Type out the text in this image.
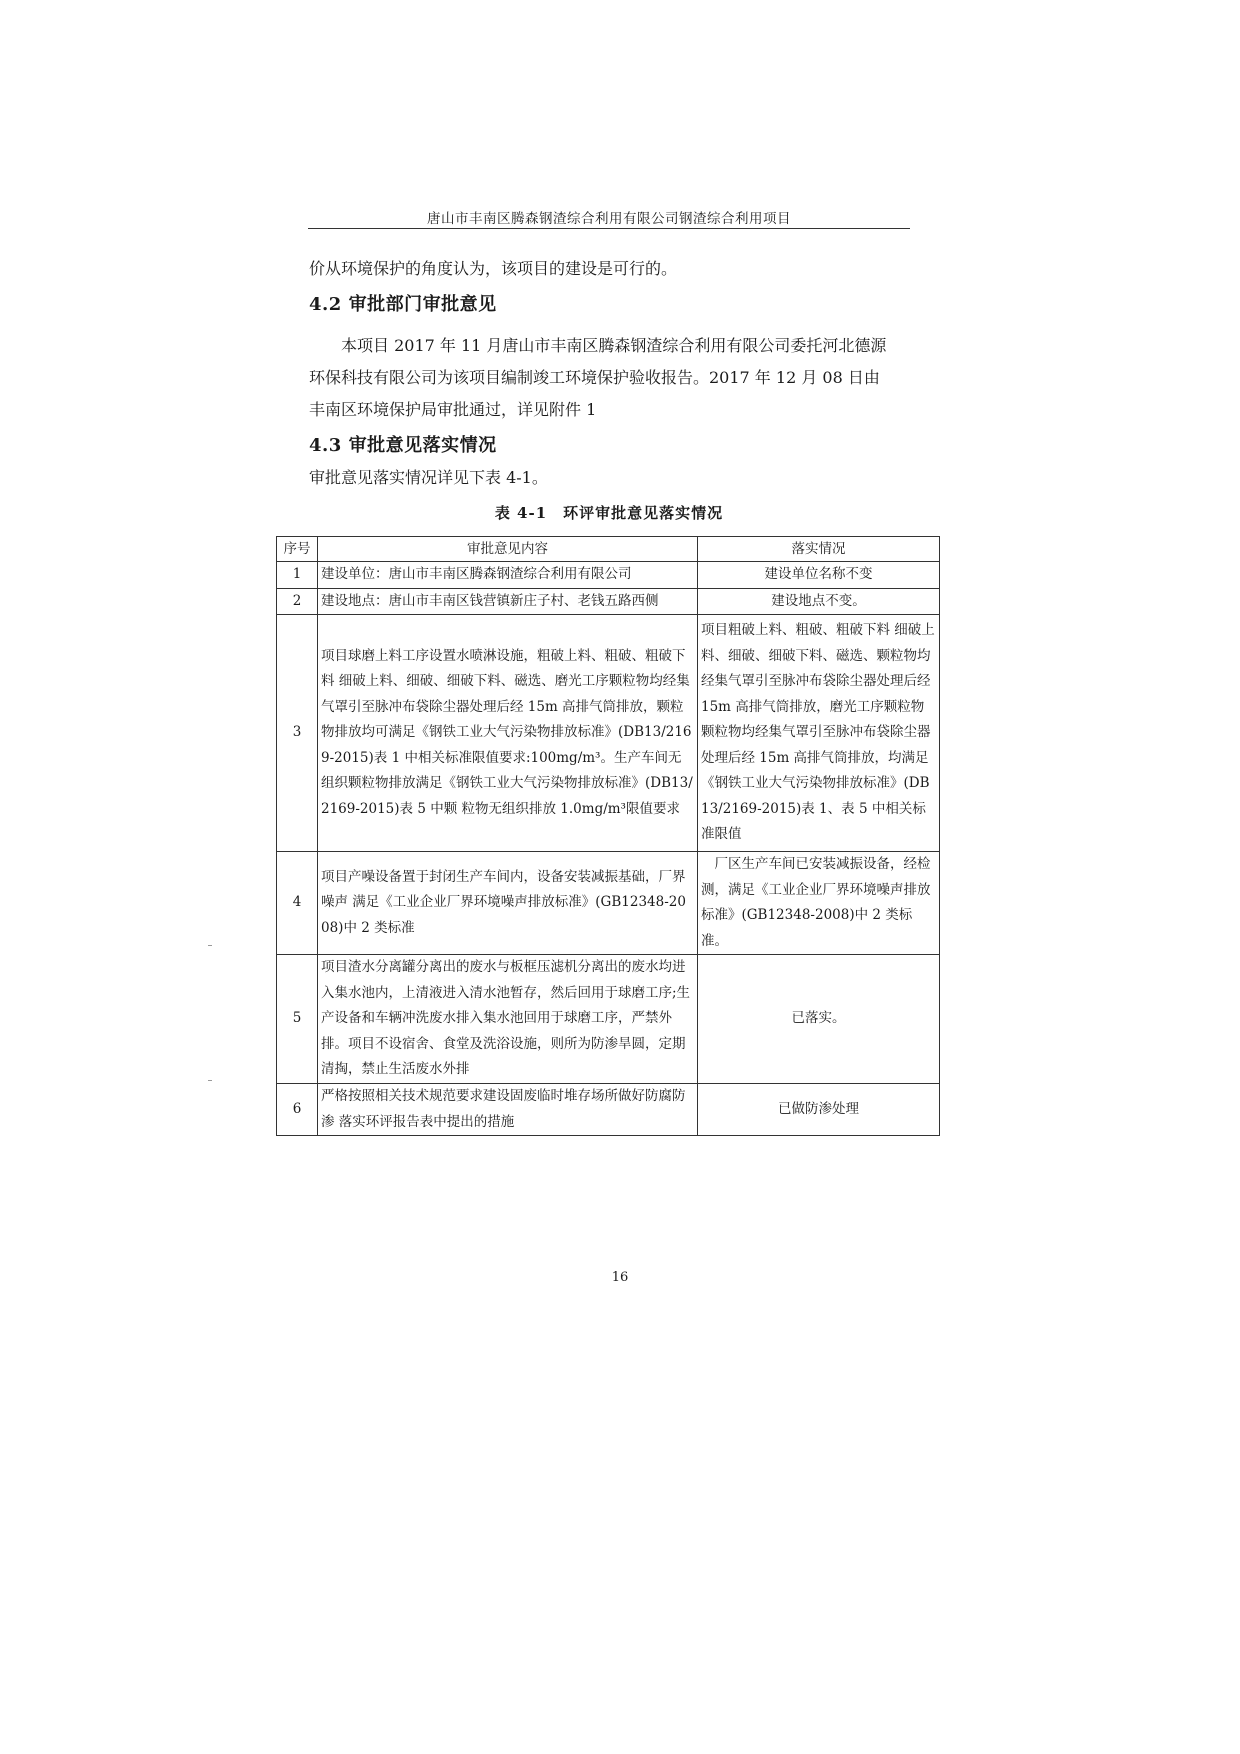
唐山市丰南区腾森钢渣综合利用有限公司钢渣综合利用项目
价从环境保护的角度认为，该项目的建设是可行的。
4.2 审批部门审批意见
本项目 2017 年 11 月唐山市丰南区腾森钢渣综合利用有限公司委托河北德源
环保科技有限公司为该项目编制竣工环境保护验收报告。2017 年 12 月 08 日由
丰南区环境保护局审批通过，详见附件 1
4.3 审批意见落实情况
审批意见落实情况详见下表 4-1。
表 4-1　环评审批意见落实情况
序号	审批意见内容	落实情况
1	建设单位：唐山市丰南区腾森钢渣综合利用有限公司	建设单位名称不变
2	建设地点：唐山市丰南区钱营镇新庄子村、老钱五路西侧	建设地点不变。
3	项目球磨上料工序设置水喷淋设施，粗破上料、粗破、粗破下料 细破上料、细破、细破下料、磁选、磨光工序颗粒物均经集气罩引至脉冲布袋除尘器处理后经 15m 高排气筒排放，颗粒物排放均可满足《钢铁工业大气污染物排放标准》(DB13/2169-2015)表 1 中相关标准限值要求:100mg/m³。生产车间无组织颗粒物排放满足《钢铁工业大气污染物排放标准》(DB13/2169-2015)表 5 中颗 粒物无组织排放 1.0mg/m³限值要求	项目粗破上料、粗破、粗破下料 细破上料、细破、细破下料、磁选、颗粒物均经集气罩引至脉冲布袋除尘器处理后经 15m 高排气筒排放，磨光工序颗粒物颗粒物均经集气罩引至脉冲布袋除尘器处理后经 15m 高排气筒排放，均满足《钢铁工业大气污染物排放标准》(DB13/2169-2015)表 1、表 5 中相关标准限值
4	项目产噪设备置于封闭生产车间内，设备安装减振基础，厂界噪声 满足《工业企业厂界环境噪声排放标准》(GB12348-2008)中 2 类标准	　厂区生产车间已安装减振设备，经检测，满足《工业企业厂界环境噪声排放标准》(GB12348-2008)中 2 类标准。
5	项目渣水分离罐分离出的废水与板框压滤机分离出的废水均进入集水池内，上清液进入清水池暂存，然后回用于球磨工序;生产设备和车辆冲洗废水排入集水池回用于球磨工序，严禁外排。项目不设宿舍、食堂及洗浴设施，则所为防渗旱圆，定期清掏，禁止生活废水外排	已落实。
6	严格按照相关技术规范要求建设固废临时堆存场所做好防腐防渗 落实环评报告表中提出的措施	已做防渗处理
16
